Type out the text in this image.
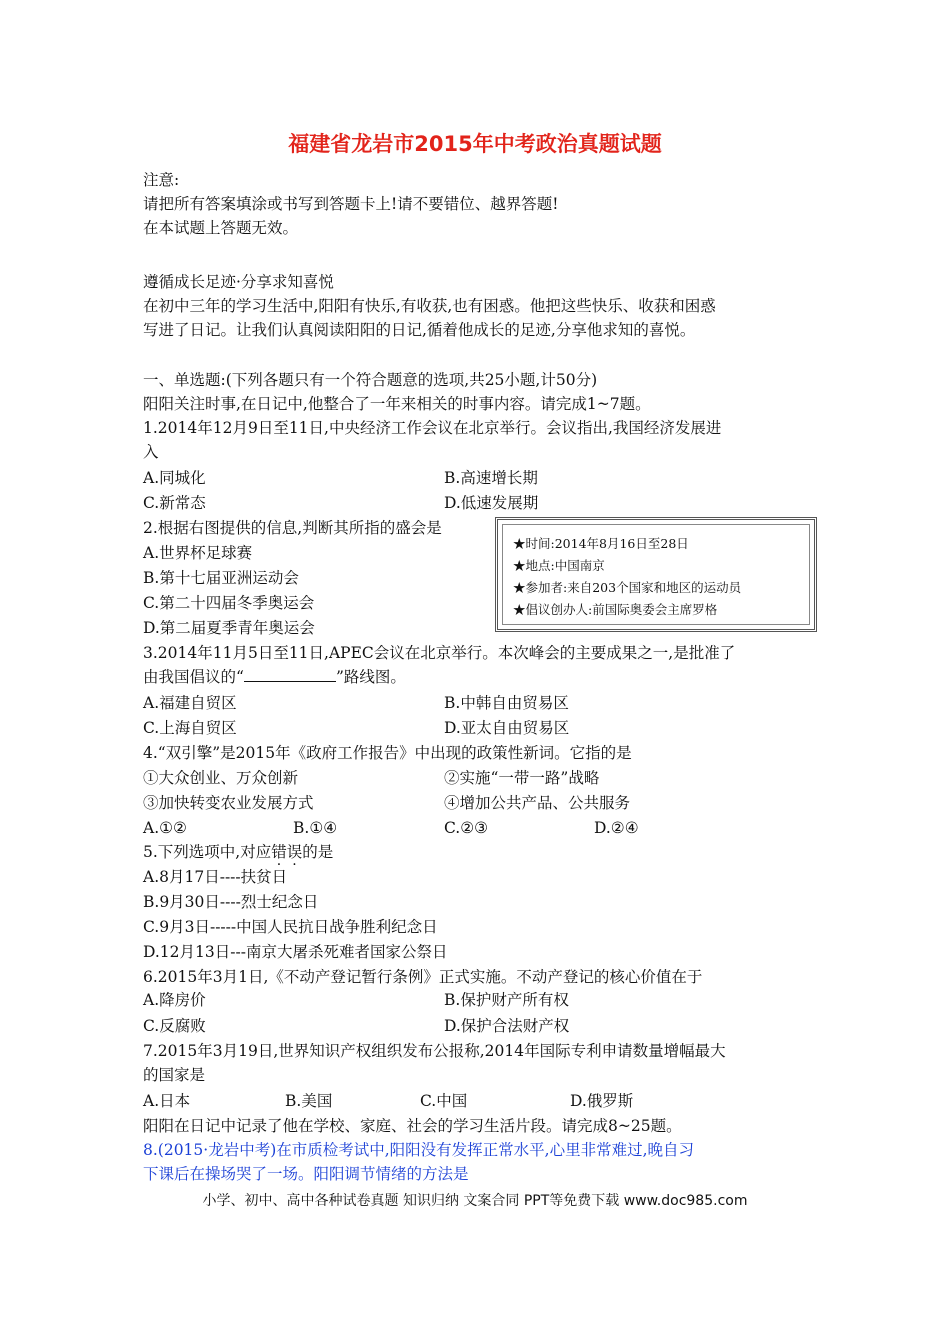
福建省龙岩市2015年中考政治真题试题
注意:
请把所有答案填涂或书写到答题卡上!请不要错位、越界答题!
在本试题上答题无效。
遵循成长足迹·分享求知喜悦
在初中三年的学习生活中,阳阳有快乐,有收获,也有困惑。他把这些快乐、收获和困惑
写进了日记。让我们认真阅读阳阳的日记,循着他成长的足迹,分享他求知的喜悦。
一、单选题:(下列各题只有一个符合题意的选项,共25小题,计50分)
阳阳关注时事,在日记中,他整合了一年来相关的时事内容。请完成1~7题。
1.2014年12月9日至11日,中央经济工作会议在北京举行。会议指出,我国经济发展进
入
A.同城化	B.高速增长期
C.新常态	D.低速发展期
2.根据右图提供的信息,判断其所指的盛会是
A.世界杯足球赛
B.第十七届亚洲运动会
C.第二十四届冬季奥运会
D.第二届夏季青年奥运会
★时间:2014年8月16日至28日
★地点:中国南京
★参加者:来自203个国家和地区的运动员
★倡议创办人:前国际奥委会主席罗格
3.2014年11月5日至11日,APEC会议在北京举行。本次峰会的主要成果之一,是批准了
由我国倡议的“	”路线图。
A.福建自贸区	B.中韩自由贸易区
C.上海自贸区	D.亚太自由贸易区
4.“双引擎”是2015年《政府工作报告》中出现的政策性新词。它指的是
①大众创业、万众创新	②实施“一带一路”战略
③加快转变农业发展方式	④增加公共产品、公共服务
A.①②	B.①④	C.②③	D.②④
5.下列选项中,对应错误的是
A.8月17日----扶贫日
B.9月30日----烈士纪念日
C.9月3日-----中国人民抗日战争胜利纪念日
D.12月13日---南京大屠杀死难者国家公祭日
6.2015年3月1日,《不动产登记暂行条例》正式实施。不动产登记的核心价值在于
A.降房价	B.保护财产所有权
C.反腐败	D.保护合法财产权
7.2015年3月19日,世界知识产权组织发布公报称,2014年国际专利申请数量增幅最大
的国家是
A.日本	B.美国	C.中国	D.俄罗斯
阳阳在日记中记录了他在学校、家庭、社会的学习生活片段。请完成8~25题。
8.(2015·龙岩中考)在市质检考试中,阳阳没有发挥正常水平,心里非常难过,晚自习
下课后在操场哭了一场。阳阳调节情绪的方法是
小学、初中、高中各种试卷真题 知识归纳 文案合同 PPT等免费下载 www.doc985.com
